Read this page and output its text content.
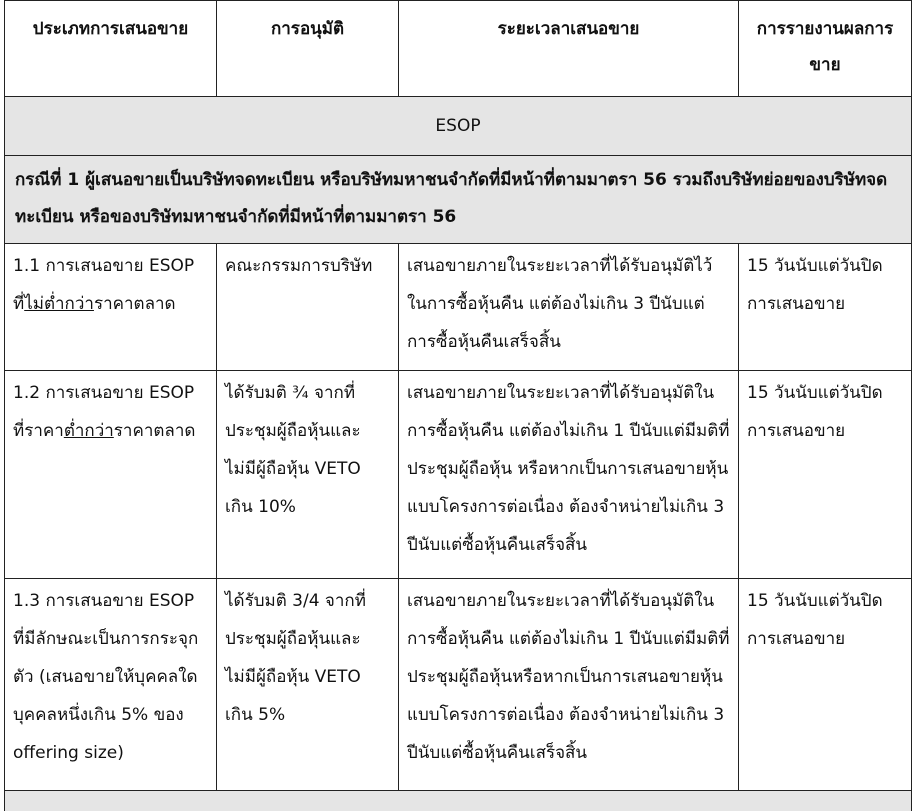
ประเภทการเสนอขาย	การอนุมัติ	ระยะเวลาเสนอขาย	การรายงานผลการขาย
ESOP			
กรณีที่ 1 ผู้เสนอขายเป็นบริษัทจดทะเบียน หรือบริษัทมหาชนจำกัดที่มีหน้าที่ตามมาตรา 56 รวมถึงบริษัทย่อยของบริษัทจดทะเบียน หรือของบริษัทมหาชนจำกัดที่มีหน้าที่ตามมาตรา 56			
1.1 การเสนอขาย ESOP ที่ไม่ต่ำกว่าราคาตลาด	คณะกรรมการบริษัท	เสนอขายภายในระยะเวลาที่ได้รับอนุมัติไว้ในการซื้อหุ้นคืน แต่ต้องไม่เกิน 3 ปีนับแต่การซื้อหุ้นคืนเสร็จสิ้น	15 วันนับแต่วันปิดการเสนอขาย
1.2 การเสนอขาย ESOP ที่ราคาต่ำกว่าราคาตลาด	ได้รับมติ ¾ จากที่ประชุมผู้ถือหุ้นและไม่มีผู้ถือหุ้น VETO เกิน 10%	เสนอขายภายในระยะเวลาที่ได้รับอนุมัติในการซื้อหุ้นคืน แต่ต้องไม่เกิน 1 ปีนับแต่มีมติที่ประชุมผู้ถือหุ้น หรือหากเป็นการเสนอขายหุ้นแบบโครงการต่อเนื่อง ต้องจำหน่ายไม่เกิน 3 ปีนับแต่ซื้อหุ้นคืนเสร็จสิ้น	15 วันนับแต่วันปิดการเสนอขาย
1.3 การเสนอขาย ESOP ที่มีลักษณะเป็นการกระจุกตัว (เสนอขายให้บุคคลใดบุคคลหนึ่งเกิน 5% ของ offering size)	ได้รับมติ 3/4 จากที่ประชุมผู้ถือหุ้นและไม่มีผู้ถือหุ้น VETO เกิน 5%	เสนอขายภายในระยะเวลาที่ได้รับอนุมัติในการซื้อหุ้นคืน แต่ต้องไม่เกิน 1 ปีนับแต่มีมติที่ประชุมผู้ถือหุ้นหรือหากเป็นการเสนอขายหุ้นแบบโครงการต่อเนื่อง ต้องจำหน่ายไม่เกิน 3 ปีนับแต่ซื้อหุ้นคืนเสร็จสิ้น	15 วันนับแต่วันปิดการเสนอขาย
